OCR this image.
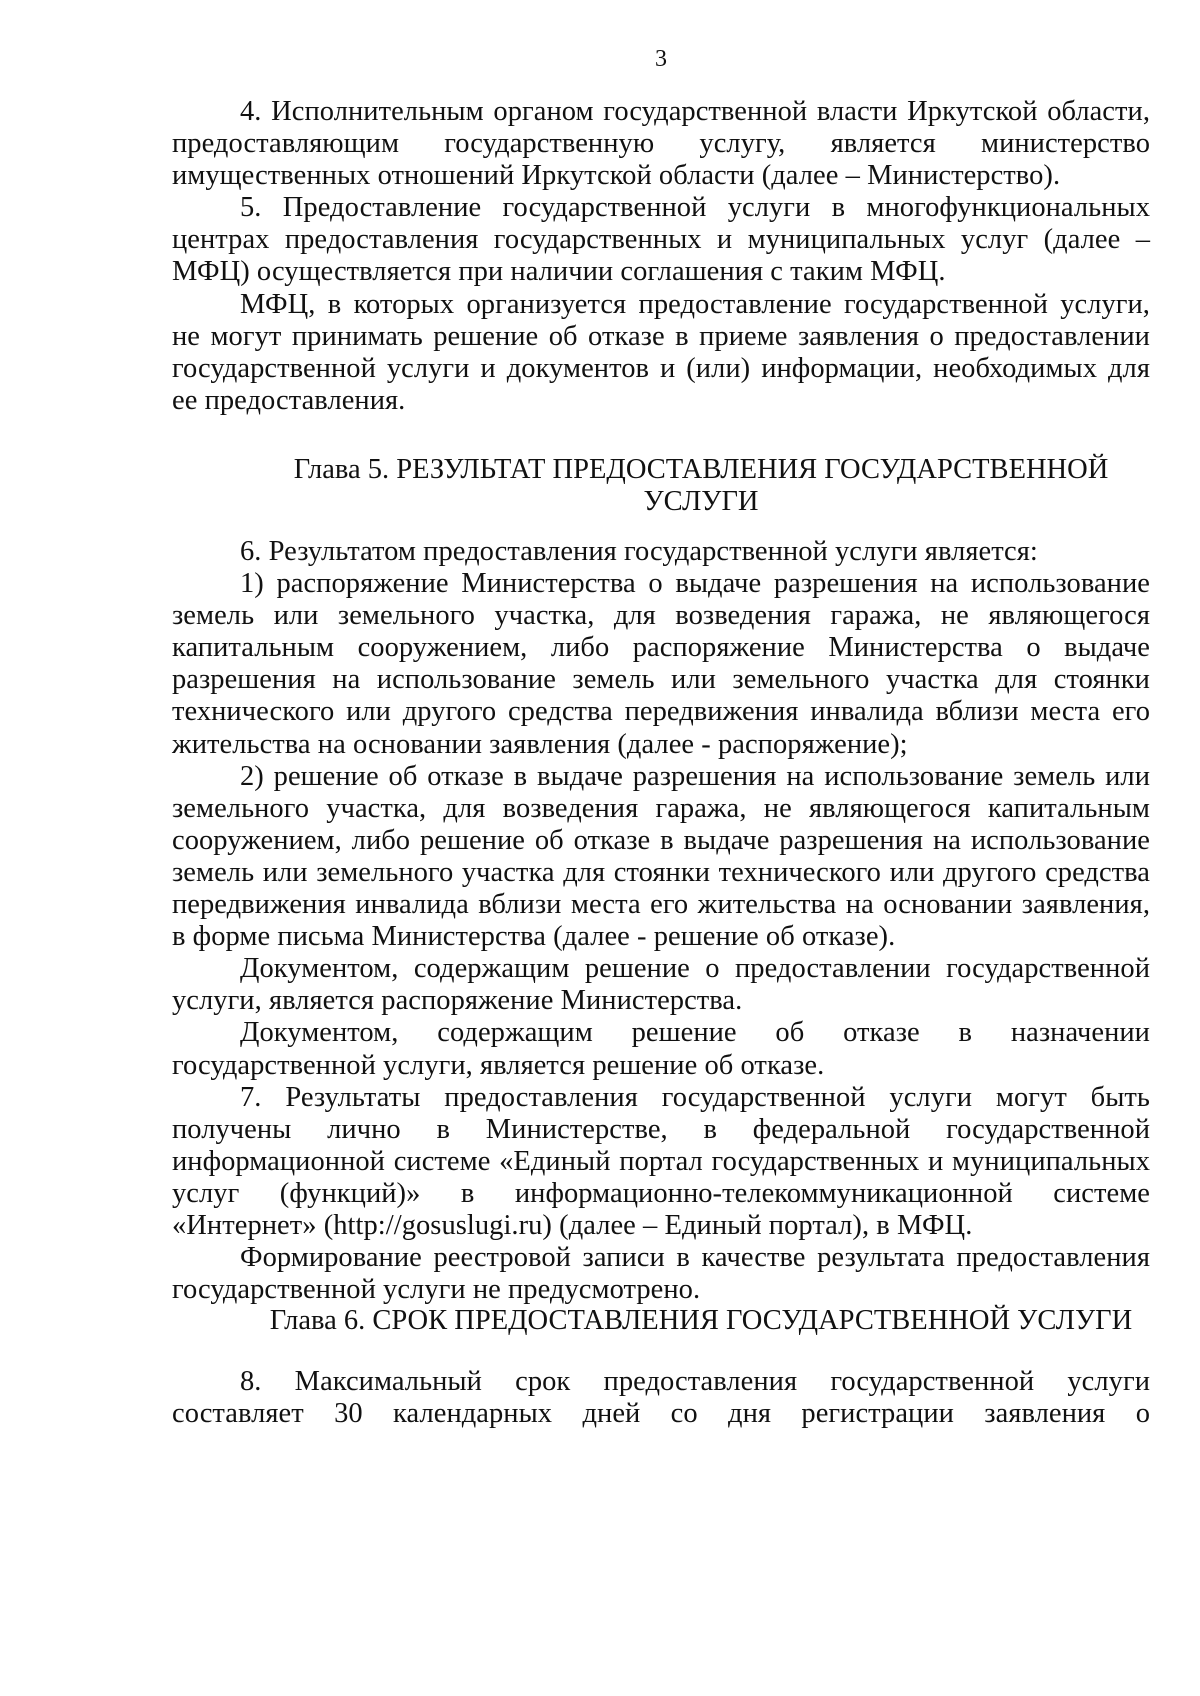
3

4. Исполнительным органом государственной власти Иркутской области, предоставляющим государственную услугу, является министерство имущественных отношений Иркутской области (далее – Министерство).

5. Предоставление государственной услуги в многофункциональных центрах предоставления государственных и муниципальных услуг (далее – МФЦ) осуществляется при наличии соглашения с таким МФЦ.

МФЦ, в которых организуется предоставление государственной услуги, не могут принимать решение об отказе в приеме заявления о предоставлении государственной услуги и документов и (или) информации, необходимых для ее предоставления.

Глава 5. РЕЗУЛЬТАТ ПРЕДОСТАВЛЕНИЯ ГОСУДАРСТВЕННОЙ
УСЛУГИ

6. Результатом предоставления государственной услуги является:

1) распоряжение Министерства о выдаче разрешения на использование земель или земельного участка, для возведения гаража, не являющегося капитальным сооружением, либо распоряжение Министерства о выдаче разрешения на использование земель или земельного участка для стоянки технического или другого средства передвижения инвалида вблизи места его жительства на основании заявления (далее - распоряжение);

2) решение об отказе в выдаче разрешения на использование земель или земельного участка, для возведения гаража, не являющегося капитальным сооружением, либо решение об отказе в выдаче разрешения на использование земель или земельного участка для стоянки технического или другого средства передвижения инвалида вблизи места его жительства на основании заявления, в форме письма Министерства (далее - решение об отказе).

Документом, содержащим решение о предоставлении государственной услуги, является распоряжение Министерства.

Документом, содержащим решение об отказе в назначении государственной услуги, является решение об отказе.

7. Результаты предоставления государственной услуги могут быть получены лично в Министерстве, в федеральной государственной информационной системе «Единый портал государственных и муниципальных услуг (функций)» в информационно-телекоммуникационной системе «Интернет» (http://gosuslugi.ru) (далее – Единый портал), в МФЦ.

Формирование реестровой записи в качестве результата предоставления государственной услуги не предусмотрено.

Глава 6. СРОК ПРЕДОСТАВЛЕНИЯ ГОСУДАРСТВЕННОЙ УСЛУГИ

8. Максимальный срок предоставления государственной услуги составляет 30 календарных дней со дня регистрации заявления о
